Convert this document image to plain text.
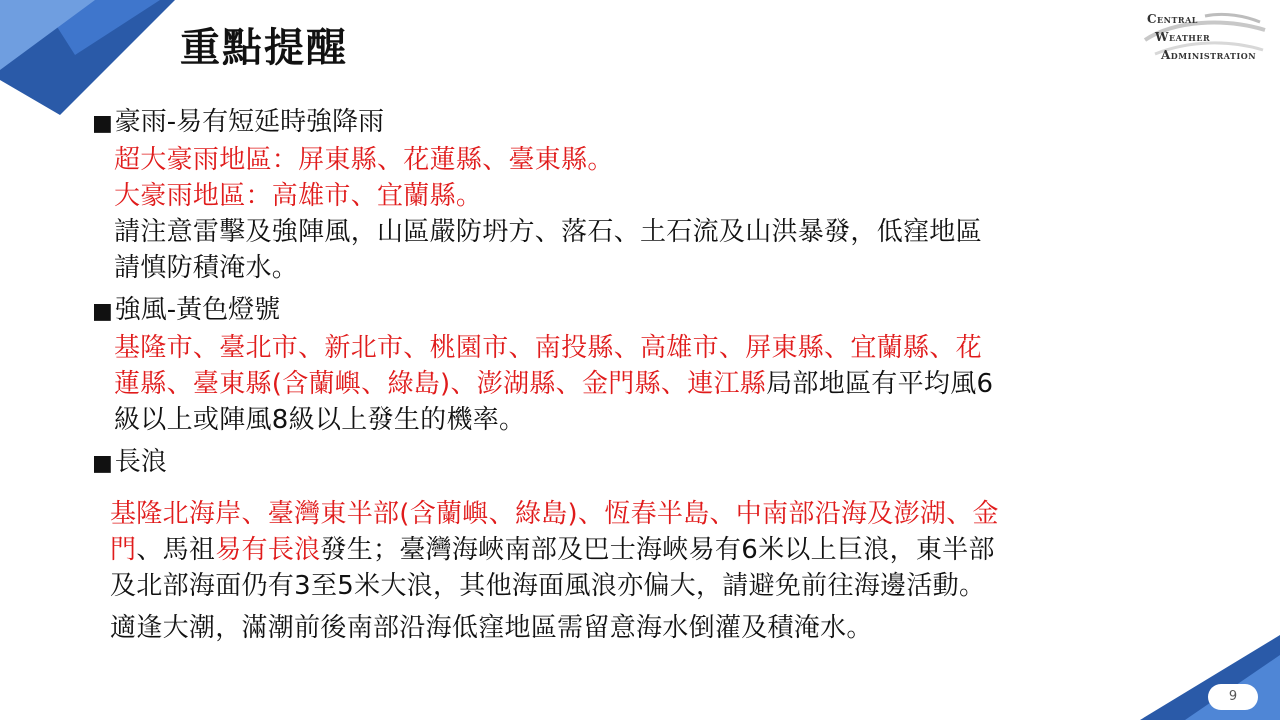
重點提醒
Central
Weather
Administration

■豪雨-易有短延時強降雨

超大豪雨地區：屏東縣、花蓮縣、臺東縣。

大豪雨地區：高雄市、宜蘭縣。

請注意雷擊及強陣風，山區嚴防坍方、落石、土石流及山洪暴發，低窪地區

請慎防積淹水。

■強風-黃色燈號

基隆市、臺北市、新北市、桃園市、南投縣、高雄市、屏東縣、宜蘭縣、花

蓮縣、臺東縣(含蘭嶼、綠島)、澎湖縣、金門縣、連江縣局部地區有平均風6

級以上或陣風8級以上發生的機率。

■長浪

基隆北海岸、臺灣東半部(含蘭嶼、綠島)、恆春半島、中南部沿海及澎湖、金

門、馬祖易有長浪發生；臺灣海峽南部及巴士海峽易有6米以上巨浪，東半部

及北部海面仍有3至5米大浪，其他海面風浪亦偏大，請避免前往海邊活動。

適逢大潮，滿潮前後南部沿海低窪地區需留意海水倒灌及積淹水。

9
